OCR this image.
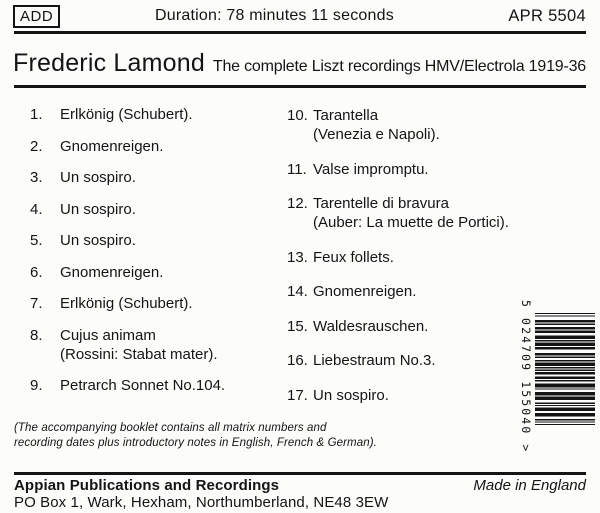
ADD	Duration: 78 minutes 11 seconds	APR 5504
Frederic Lamond The complete Liszt recordings HMV/Electrola 1919-36
1.	Erlkönig (Schubert).
2.	Gnomenreigen.
3.	Un sospiro.
4.	Un sospiro.
5.	Un sospiro.
6.	Gnomenreigen.
7.	Erlkönig (Schubert).
8.	Cujus animam
(Rossini: Stabat mater).
9.	Petrarch Sonnet No.104.
10. Tarantella
(Venezia e Napoli).
11. Valse impromptu.
12. Tarentelle di bravura
(Auber: La muette de Portici).
13. Feux follets.
14. Gnomenreigen.
15. Waldesrauschen.
16. Liebestraum No.3.
17. Un sospiro.	5 024709 155040 >

(The accompanying booklet contains all matrix numbers and
recording dates plus introductory notes in English, French & German).

Appian Publications and Recordings	Made in England
PO Box 1, Wark, Hexham, Northumberland, NE48 3EW
